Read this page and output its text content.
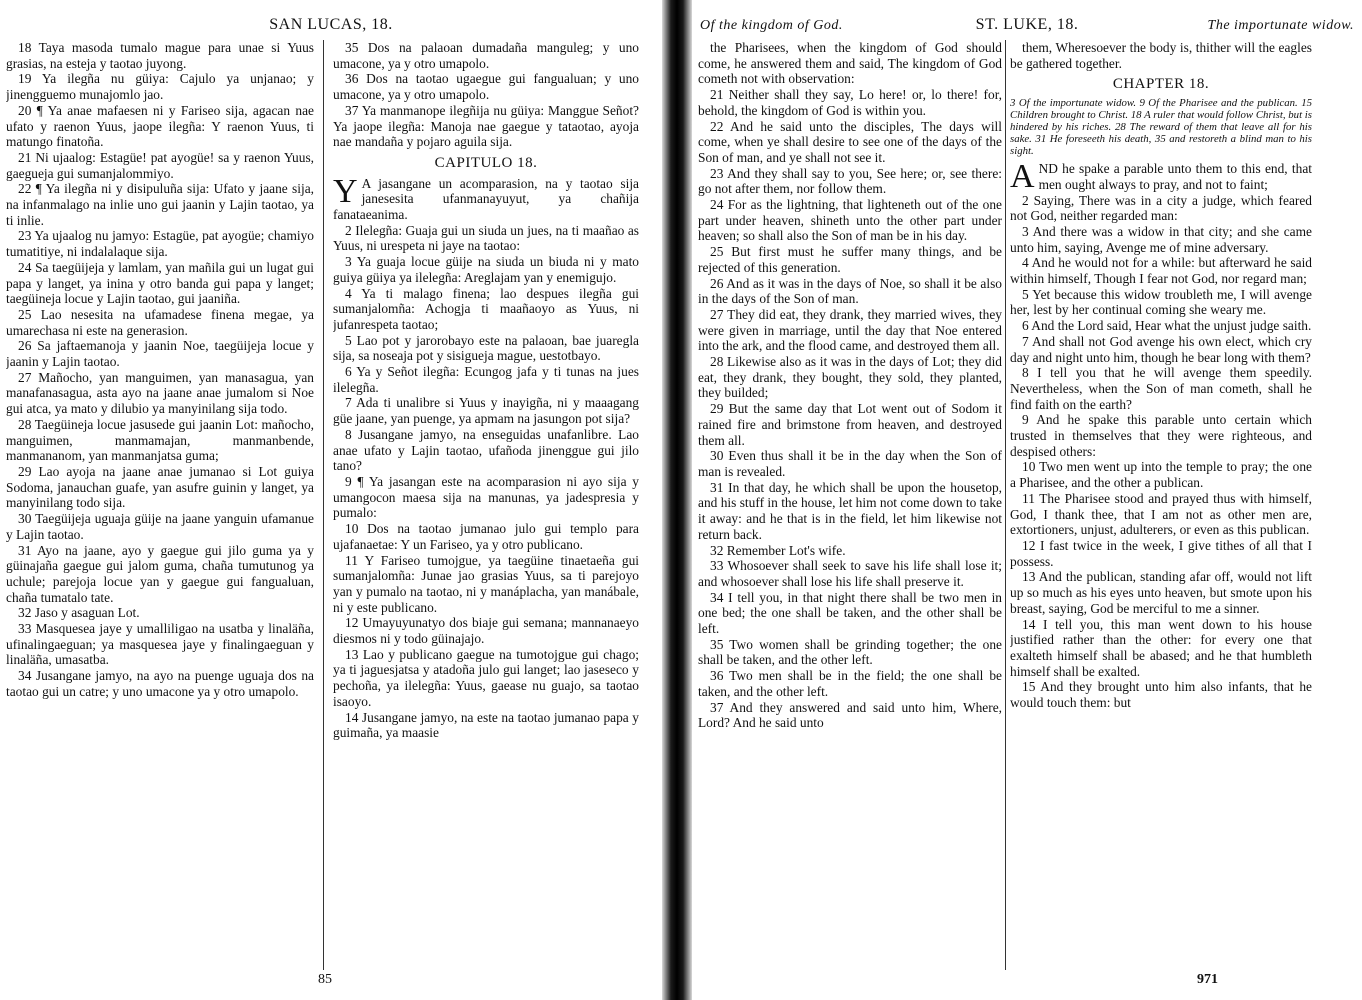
SAN LUCAS, 18.

18 Taya masoda tumalo mague para unae si Yuus grasias, na esteja y taotao juyong.

19 Ya ilegña nu güiya: Cajulo ya unjanao; y jinengguemo munajomlo jao.

20 ¶ Ya anae mafaesen ni y Fariseo sija, agacan nae ufato y raenon Yuus, jaope ilegña: Y raenon Yuus, ti matungo finatoña.

21 Ni ujaalog: Estagüe! pat ayogüe! sa y raenon Yuus, gaegueja gui sumanjalommiyo.

22 ¶ Ya ilegña ni y disipuluña sija: Ufato y jaane sija, na infanmalago na inlie uno gui jaanin y Lajin taotao, ya ti inlie.

23 Ya ujaalog nu jamyo: Estagüe, pat ayogüe; chamiyo tumatitiye, ni indalalaque sija.

24 Sa taegüijeja y lamlam, yan mañila gui un lugat gui papa y langet, ya inina y otro banda gui papa y langet; taegüineja locue y Lajin taotao, gui jaaniña.

25 Lao nesesita na ufamadese finena megae, ya umarechasa ni este na generasion.

26 Sa jaftaemanoja y jaanin Noe, taegüijeja locue y jaanin y Lajin taotao.

27 Mañocho, yan manguimen, yan manasagua, yan manafanasagua, asta ayo na jaane anae jumalom si Noe gui atca, ya mato y dilubio ya manyinilang sija todo.

28 Taegüineja locue jasusede gui jaanin Lot: mañocho, manguimen, manmamajan, manmanbende, manmananom, yan manmanjatsa guma;

29 Lao ayoja na jaane anae jumanao si Lot guiya Sodoma, janauchan guafe, yan asufre guinin y langet, ya manyinilang todo sija.

30 Taegüijeja uguaja güije na jaane yanguin ufamanue y Lajin taotao.

31 Ayo na jaane, ayo y gaegue gui jilo guma ya y güinajaña gaegue gui jalom guma, chaña tumutunog ya uchule; parejoja locue yan y gaegue gui fangualuan, chaña tumatalo tate.

32 Jaso y asaguan Lot.

33 Masquesea jaye y umalliligao na usatba y linaläña, ufinalingaeguan; ya masquesea jaye y finalingaeguan y linaläña, umasatba.

34 Jusangane jamyo, na ayo na puenge uguaja dos na taotao gui un catre; y uno umacone ya y otro umapolo.

35 Dos na palaoan dumadaña manguleg; y uno umacone, ya y otro umapolo.

36 Dos na taotao ugaegue gui fangualuan; y uno umacone, ya y otro umapolo.

37 Ya manmanope ilegñija nu güiya: Manggue Señot? Ya jaope ilegña: Manoja nae gaegue y tataotao, ayoja nae mandaña y pojaro aguila sija.

CAPITULO 18.

Y A jasangane un acomparasion, na y taotao sija janesesita ufanmanayuyut, ya chañija fanataeanima.

2 Ilelegña: Guaja gui un siuda un jues, na ti maañao as Yuus, ni urespeta ni jaye na taotao:

3 Ya guaja locue güije na siuda un biuda ni y mato guiya güiya ya ilelegña: Areglajam yan y enemigujo.

4 Ya ti malago finena; lao despues ilegña gui sumanjalomña: Achogja ti maañaoyo as Yuus, ni jufanrespeta taotao;

5 Lao pot y jarorobayo este na palaoan, bae juaregla sija, sa noseaja pot y sisigueja mague, uestotbayo.

6 Ya y Señot ilegña: Ecungog jafa y ti tunas na jues ilelegña.

7 Ada ti unalibre si Yuus y inayigña, ni y maaagang güe jaane, yan puenge, ya apmam na jasungon pot sija?

8 Jusangane jamyo, na enseguidas unafanlibre. Lao anae ufato y Lajin taotao, ufañoda jinenggue gui jilo tano?

9 ¶ Ya jasangan este na acomparasion ni ayo sija y umangocon maesa sija na manunas, ya jadespresia y pumalo:

10 Dos na taotao jumanao julo gui templo para ujafanaetae: Y un Fariseo, ya y otro publicano.

11 Y Fariseo tumojgue, ya taegüine tinaetaeña gui sumanjalomña: Junae jao grasias Yuus, sa ti parejoyo yan y pumalo na taotao, ni y manáplacha, yan manábale, ni y este publicano.

12 Umayuyunatyo dos biaje gui semana; mannanaeyo diesmos ni y todo güinajajo.

13 Lao y publicano gaegue na tumotojgue gui chago; ya ti jaguesjatsa y atadoña julo gui langet; lao jaseseco y pechoña, ya ilelegña: Yuus, gaease nu guajo, sa taotao isaoyo.

14 Jusangane jamyo, na este na taotao jumanao papa y guimaña, ya maasie

85
Of the kingdom of God.	ST. LUKE, 18.	The importunate widow.

the Pharisees, when the kingdom of God should come, he answered them and said, The kingdom of God cometh not with observation:

21 Neither shall they say, Lo here! or, lo there! for, behold, the kingdom of God is within you.

22 And he said unto the disciples, The days will come, when ye shall desire to see one of the days of the Son of man, and ye shall not see it.

23 And they shall say to you, See here; or, see there: go not after them, nor follow them.

24 For as the lightning, that lighteneth out of the one part under heaven, shineth unto the other part under heaven; so shall also the Son of man be in his day.

25 But first must he suffer many things, and be rejected of this generation.

26 And as it was in the days of Noe, so shall it be also in the days of the Son of man.

27 They did eat, they drank, they married wives, they were given in marriage, until the day that Noe entered into the ark, and the flood came, and destroyed them all.

28 Likewise also as it was in the days of Lot; they did eat, they drank, they bought, they sold, they planted, they builded;

29 But the same day that Lot went out of Sodom it rained fire and brimstone from heaven, and destroyed them all.

30 Even thus shall it be in the day when the Son of man is revealed.

31 In that day, he which shall be upon the housetop, and his stuff in the house, let him not come down to take it away: and he that is in the field, let him likewise not return back.

32 Remember Lot's wife.

33 Whosoever shall seek to save his life shall lose it; and whosoever shall lose his life shall preserve it.

34 I tell you, in that night there shall be two men in one bed; the one shall be taken, and the other shall be left.

35 Two women shall be grinding together; the one shall be taken, and the other left.

36 Two men shall be in the field; the one shall be taken, and the other left.

37 And they answered and said unto him, Where, Lord? And he said unto

them, Wheresoever the body is, thither will the eagles be gathered together.

CHAPTER 18.

3 Of the importunate widow. 9 Of the Pharisee and the publican. 15 Children brought to Christ. 18 A ruler that would follow Christ, but is hindered by his riches. 28 The reward of them that leave all for his sake. 31 He foreseeth his death, 35 and restoreth a blind man to his sight.

AND he spake a parable unto them to this end, that men ought always to pray, and not to faint;

2 Saying, There was in a city a judge, which feared not God, neither regarded man:

3 And there was a widow in that city; and she came unto him, saying, Avenge me of mine adversary.

4 And he would not for a while: but afterward he said within himself, Though I fear not God, nor regard man;

5 Yet because this widow troubleth me, I will avenge her, lest by her continual coming she weary me.

6 And the Lord said, Hear what the unjust judge saith.

7 And shall not God avenge his own elect, which cry day and night unto him, though he bear long with them?

8 I tell you that he will avenge them speedily. Nevertheless, when the Son of man cometh, shall he find faith on the earth?

9 And he spake this parable unto certain which trusted in themselves that they were righteous, and despised others:

10 Two men went up into the temple to pray; the one a Pharisee, and the other a publican.

11 The Pharisee stood and prayed thus with himself, God, I thank thee, that I am not as other men are, extortioners, unjust, adulterers, or even as this publican.

12 I fast twice in the week, I give tithes of all that I possess.

13 And the publican, standing afar off, would not lift up so much as his eyes unto heaven, but smote upon his breast, saying, God be merciful to me a sinner.

14 I tell you, this man went down to his house justified rather than the other: for every one that exalteth himself shall be abased; and he that humbleth himself shall be exalted.

15 And they brought unto him also infants, that he would touch them: but

971
